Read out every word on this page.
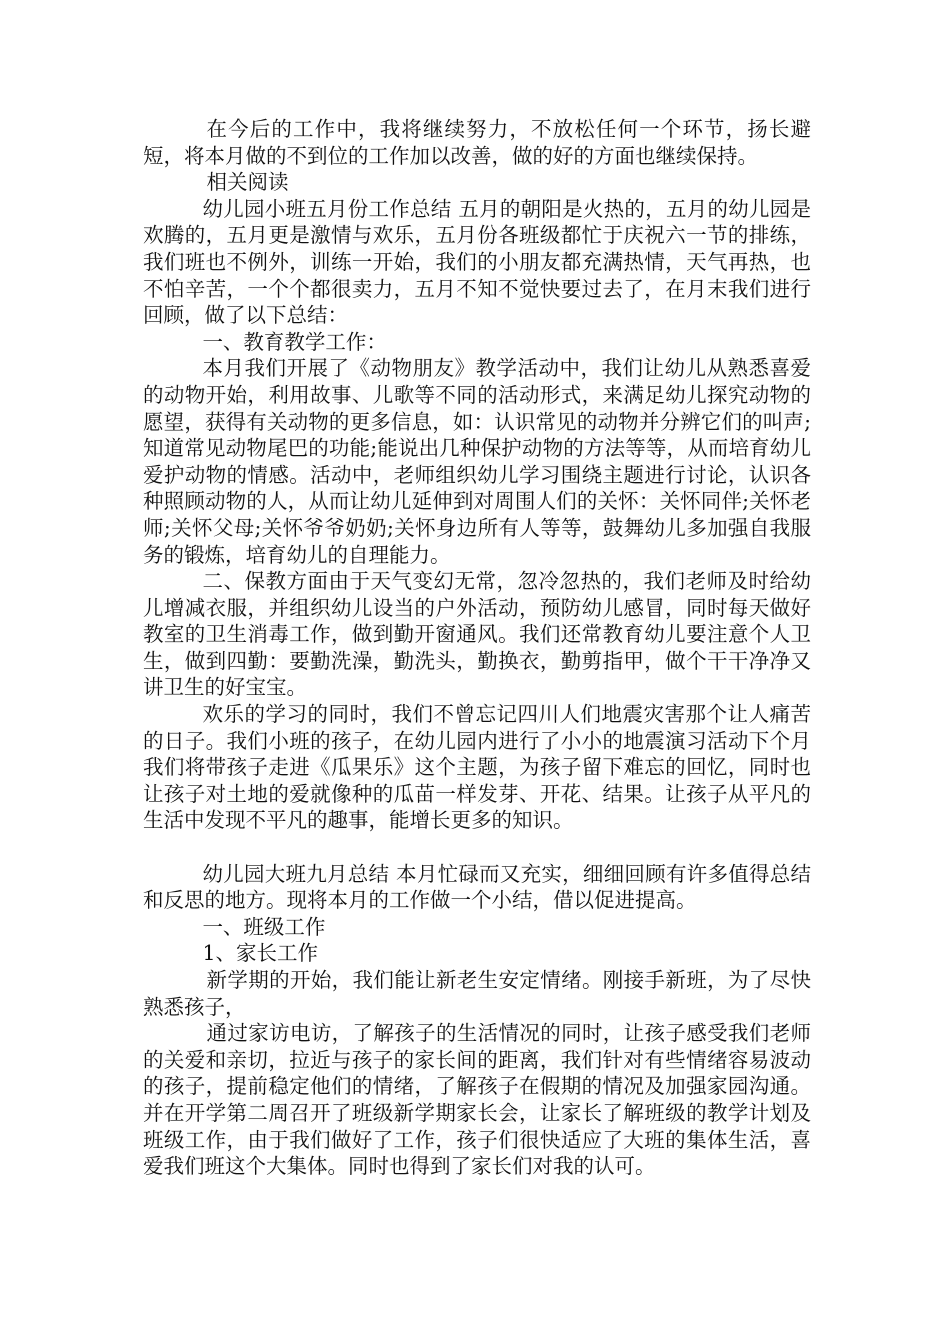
在今后的工作中，我将继续努力，不放松任何一个环节，扬长避短，将本月做的不到位的工作加以改善，做的好的方面也继续保持。

相关阅读

幼儿园小班五月份工作总结 五月的朝阳是火热的，五月的幼儿园是欢腾的，五月更是激情与欢乐，五月份各班级都忙于庆祝六一节的排练，我们班也不例外，训练一开始，我们的小朋友都充满热情，天气再热，也不怕辛苦，一个个都很卖力，五月不知不觉快要过去了，在月末我们进行回顾，做了以下总结：

一、教育教学工作：

本月我们开展了《动物朋友》教学活动中，我们让幼儿从熟悉喜爱的动物开始，利用故事、儿歌等不同的活动形式，来满足幼儿探究动物的愿望，获得有关动物的更多信息，如：认识常见的动物并分辨它们的叫声;知道常见动物尾巴的功能;能说出几种保护动物的方法等等，从而培育幼儿爱护动物的情感。活动中，老师组织幼儿学习围绕主题进行讨论，认识各种照顾动物的人，从而让幼儿延伸到对周围人们的关怀：关怀同伴;关怀老师;关怀父母;关怀爷爷奶奶;关怀身边所有人等等，鼓舞幼儿多加强自我服务的锻炼，培育幼儿的自理能力。

二、保教方面由于天气变幻无常，忽冷忽热的，我们老师及时给幼儿增减衣服，并组织幼儿设当的户外活动，预防幼儿感冒，同时每天做好教室的卫生消毒工作，做到勤开窗通风。我们还常教育幼儿要注意个人卫生，做到四勤：要勤洗澡，勤洗头，勤换衣，勤剪指甲，做个干干净净又讲卫生的好宝宝。

欢乐的学习的同时，我们不曾忘记四川人们地震灾害那个让人痛苦的日子。我们小班的孩子，在幼儿园内进行了小小的地震演习活动下个月我们将带孩子走进《瓜果乐》这个主题，为孩子留下难忘的回忆，同时也让孩子对土地的爱就像种的瓜苗一样发芽、开花、结果。让孩子从平凡的生活中发现不平凡的趣事，能增长更多的知识。

幼儿园大班九月总结 本月忙碌而又充实，细细回顾有许多值得总结和反思的地方。现将本月的工作做一个小结，借以促进提高。

一、班级工作

1、家长工作

新学期的开始，我们能让新老生安定情绪。刚接手新班，为了尽快熟悉孩子，

通过家访电访，了解孩子的生活情况的同时，让孩子感受我们老师的关爱和亲切，拉近与孩子的家长间的距离，我们针对有些情绪容易波动的孩子，提前稳定他们的情绪，了解孩子在假期的情况及加强家园沟通。并在开学第二周召开了班级新学期家长会，让家长了解班级的教学计划及班级工作，由于我们做好了工作，孩子们很快适应了大班的集体生活，喜爱我们班这个大集体。同时也得到了家长们对我的认可。
